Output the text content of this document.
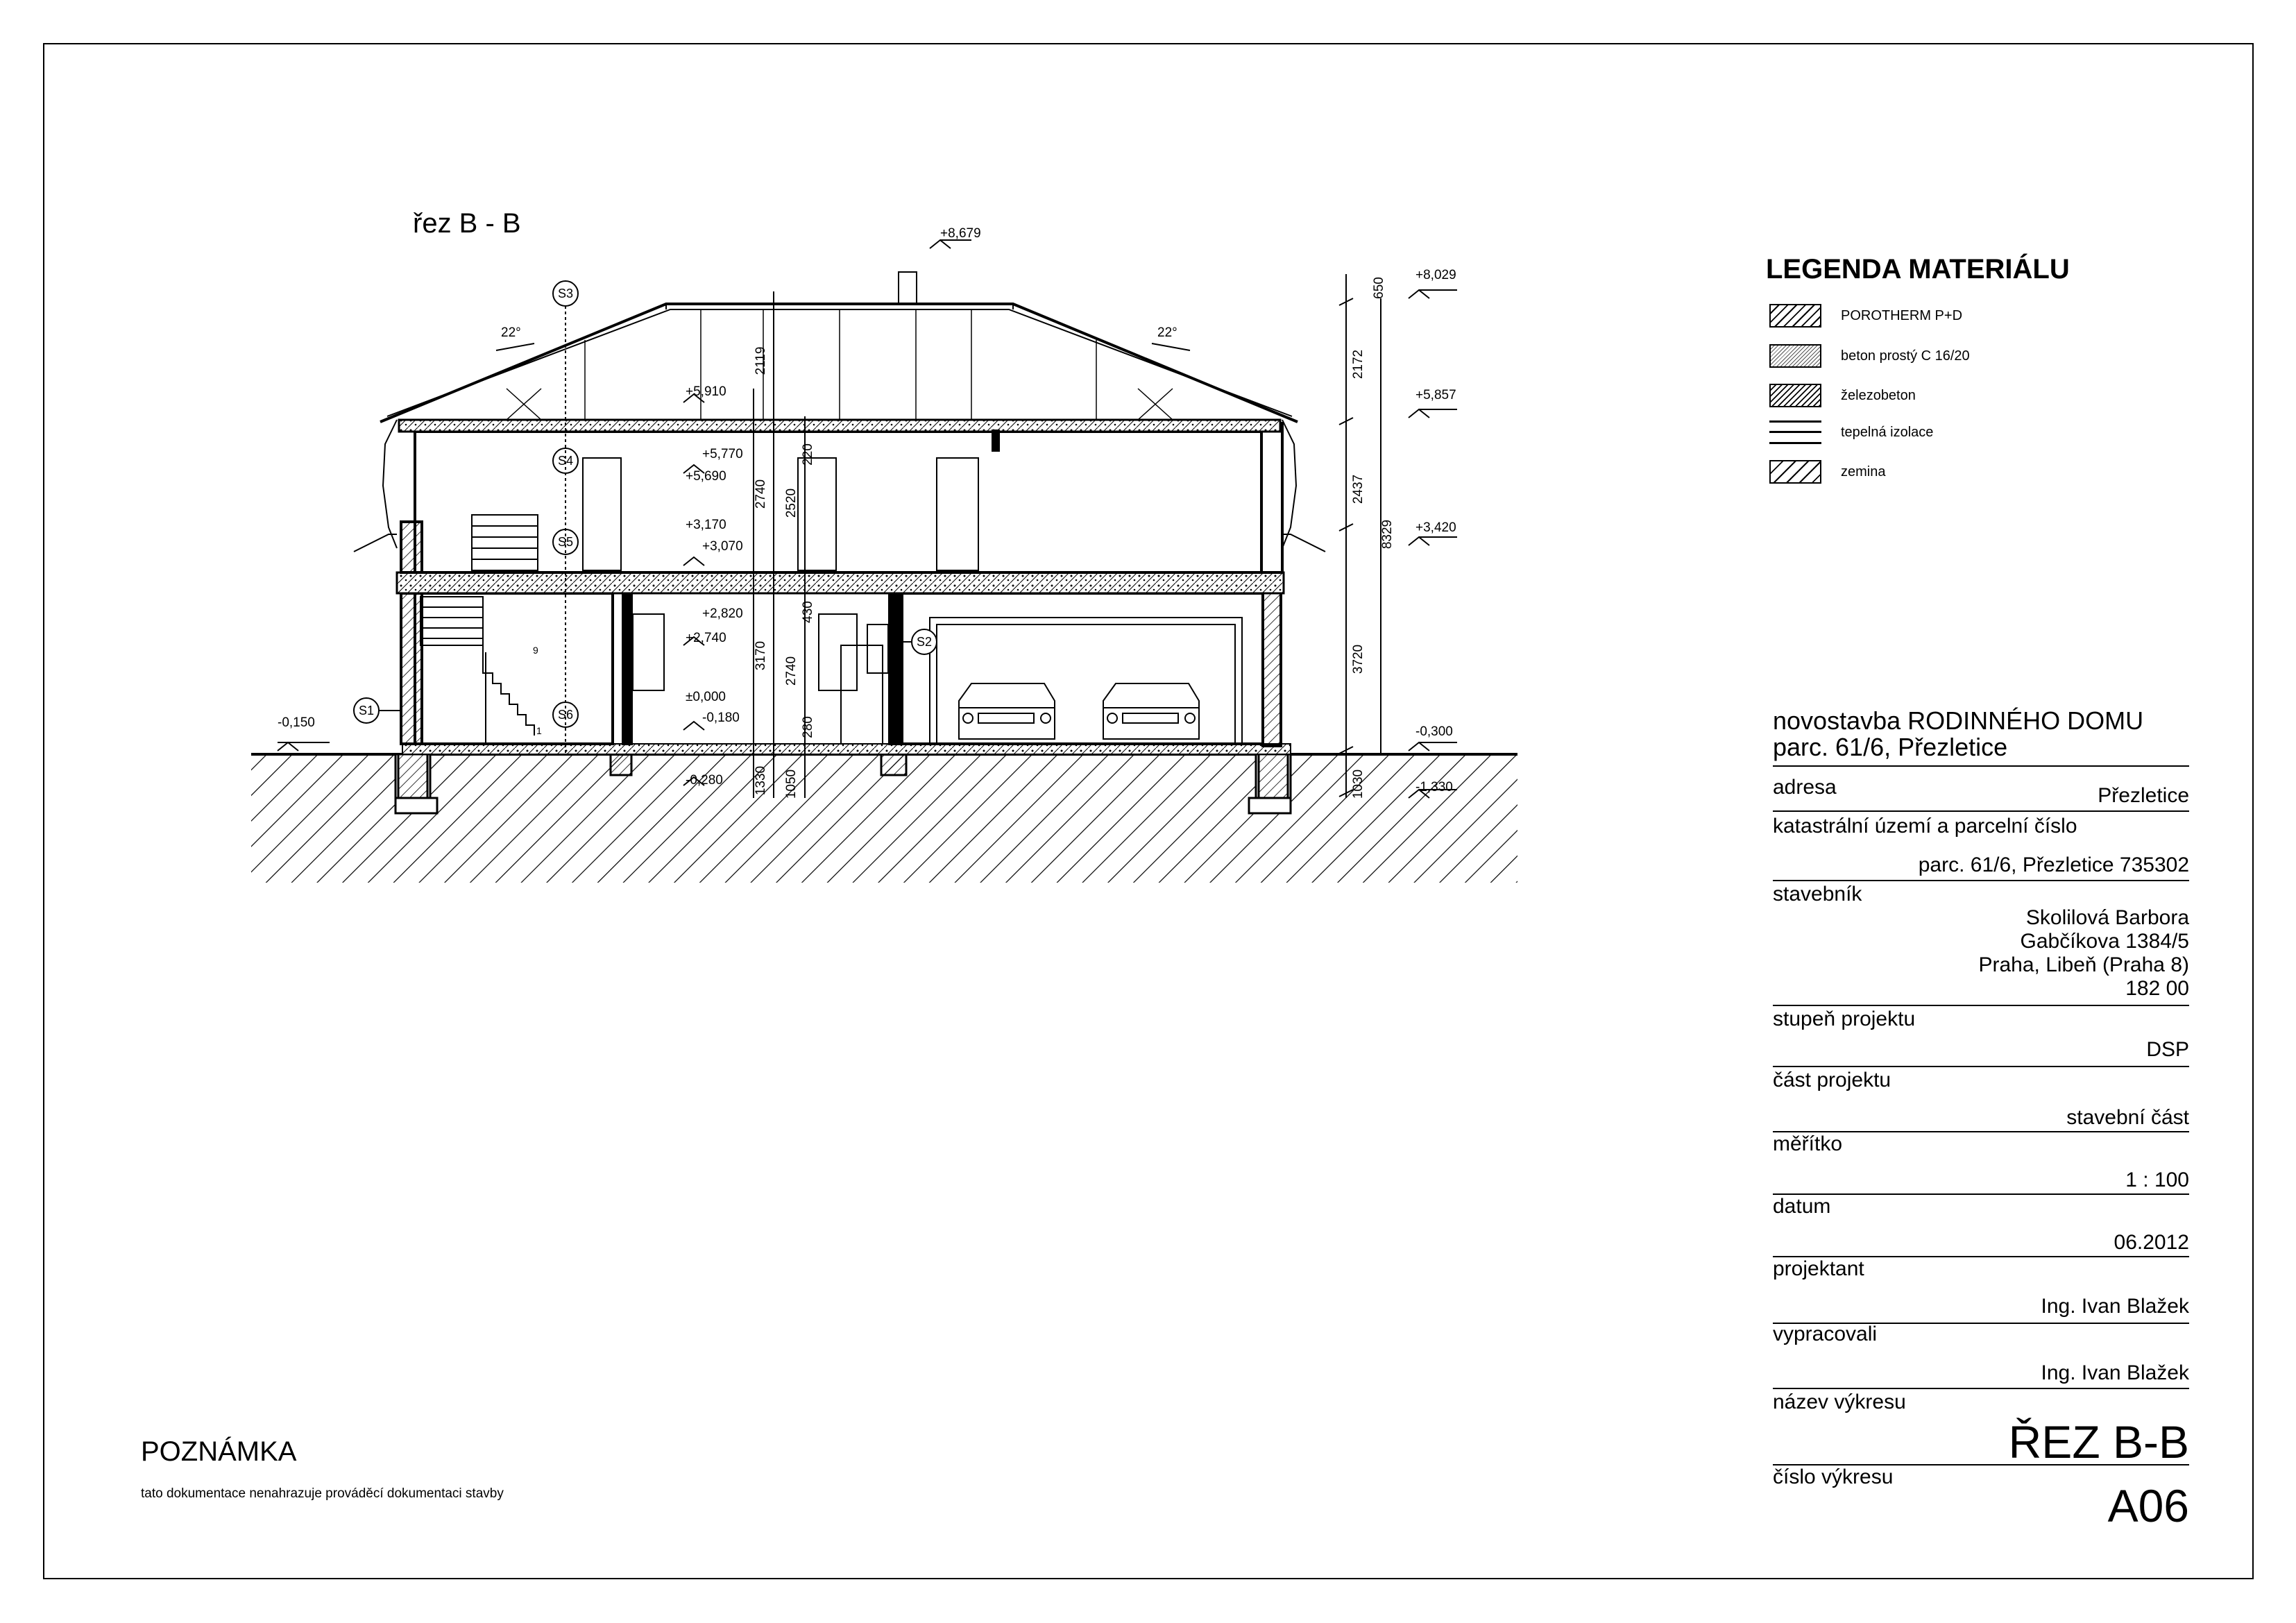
S3
S4
S5
S6
S1
S2
+8,679
+8,029
+5,857
+5,910
+5,770
+5,690
+3,420
+3,170
+3,070
+2,820
+2,740
±0,000
-0,180
-0,150
-0,300
-0,280	-1,330
650
2172
2437
8329
3720
1030
2119
2740 2520
220
430
3170
2740
280
1330 1050
22°	22°
9
1
řez B - B
LEGENDA MATERIÁLU
POROTHERM P+D
beton prostý C 16/20
železobeton
tepelná izolace
zemina
novostavba RODINNÉHO DOMU
parc. 61/6, Přezletice
adresa	Přezletice
katastrální území a parcelní číslo
parc. 61/6, Přezletice 735302
stavebník
Skolilová Barbora
Gabčíkova 1384/5
Praha, Libeň (Praha 8)
182 00
stupeň projektu
DSP
část projektu
stavební část
měřítko
1 : 100
datum
06.2012
projektant
Ing. Ivan Blažek
vypracovali
Ing. Ivan Blažek
název výkresu
ŘEZ B-B
číslo výkresu
A06
POZNÁMKA
tato dokumentace nenahrazuje prováděcí dokumentaci stavby
